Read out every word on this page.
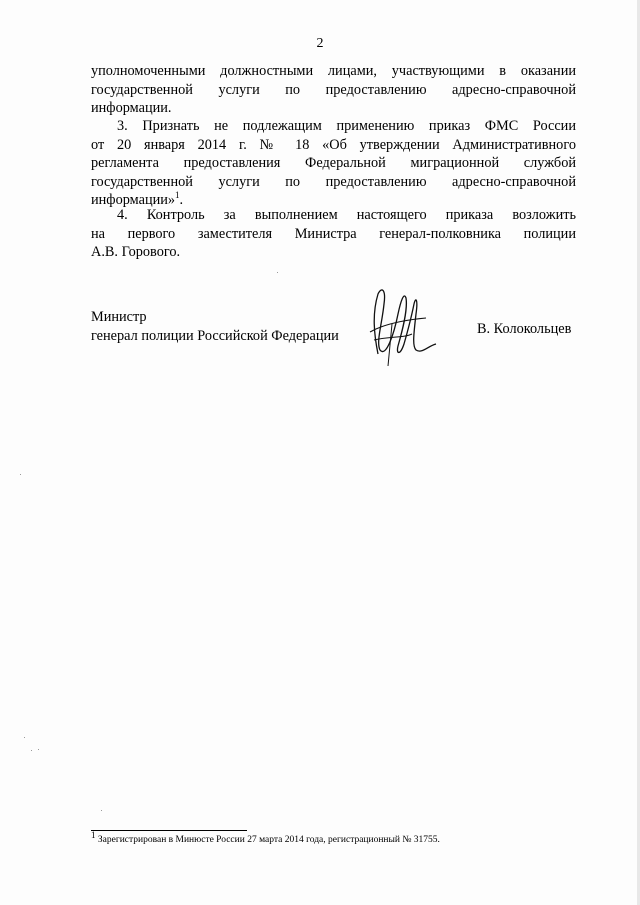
2
уполномоченными должностными лицами, участвующими в оказании
государственной услуги по предоставлению адресно-справочной
информации.
3. Признать не подлежащим применению приказ ФМС России
от 20 января 2014 г. № 18 «Об утверждении Административного
регламента предоставления Федеральной миграционной службой
государственной услуги по предоставлению адресно-справочной
информации»$^1$.
4. Контроль за выполнением настоящего приказа возложить
на первого заместителя Министра генерал-полковника полиции
А.В. Горового.
Министр
генерал полиции Российской Федерации	В. Колокольцев
$^1$ Зарегистрирован в Минюсте России 27 марта 2014 года, регистрационный № 31755.
